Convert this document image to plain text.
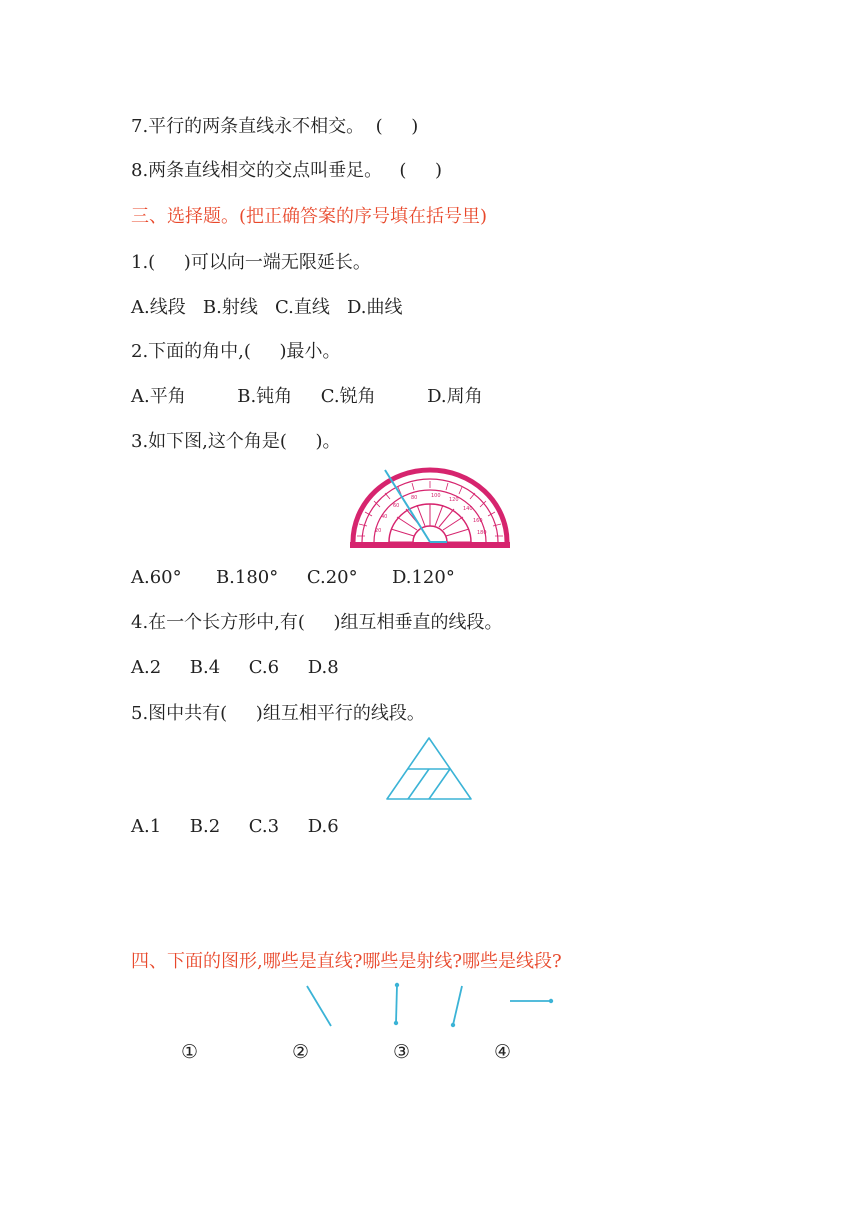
7.平行的两条直线永不相交。  (     )
8.两条直线相交的交点叫垂足。   (     )
三、选择题。(把正确答案的序号填在括号里)
1.(     )可以向一端无限延长。
A.线段   B.射线   C.直线   D.曲线
2.下面的角中,(     )最小。
A.平角         B.钝角     C.锐角         D.周角
3.如下图,这个角是(     )。
20
40
60
80	100
120
140
160
180
A.60°      B.180°     C.20°      D.120°
4.在一个长方形中,有(     )组互相垂直的线段。
A.2     B.4     C.6     D.8
5.图中共有(     )组互相平行的线段。
A.1     B.2     C.3     D.6
四、下面的图形,哪些是直线?哪些是射线?哪些是线段?
①	②	③	④
